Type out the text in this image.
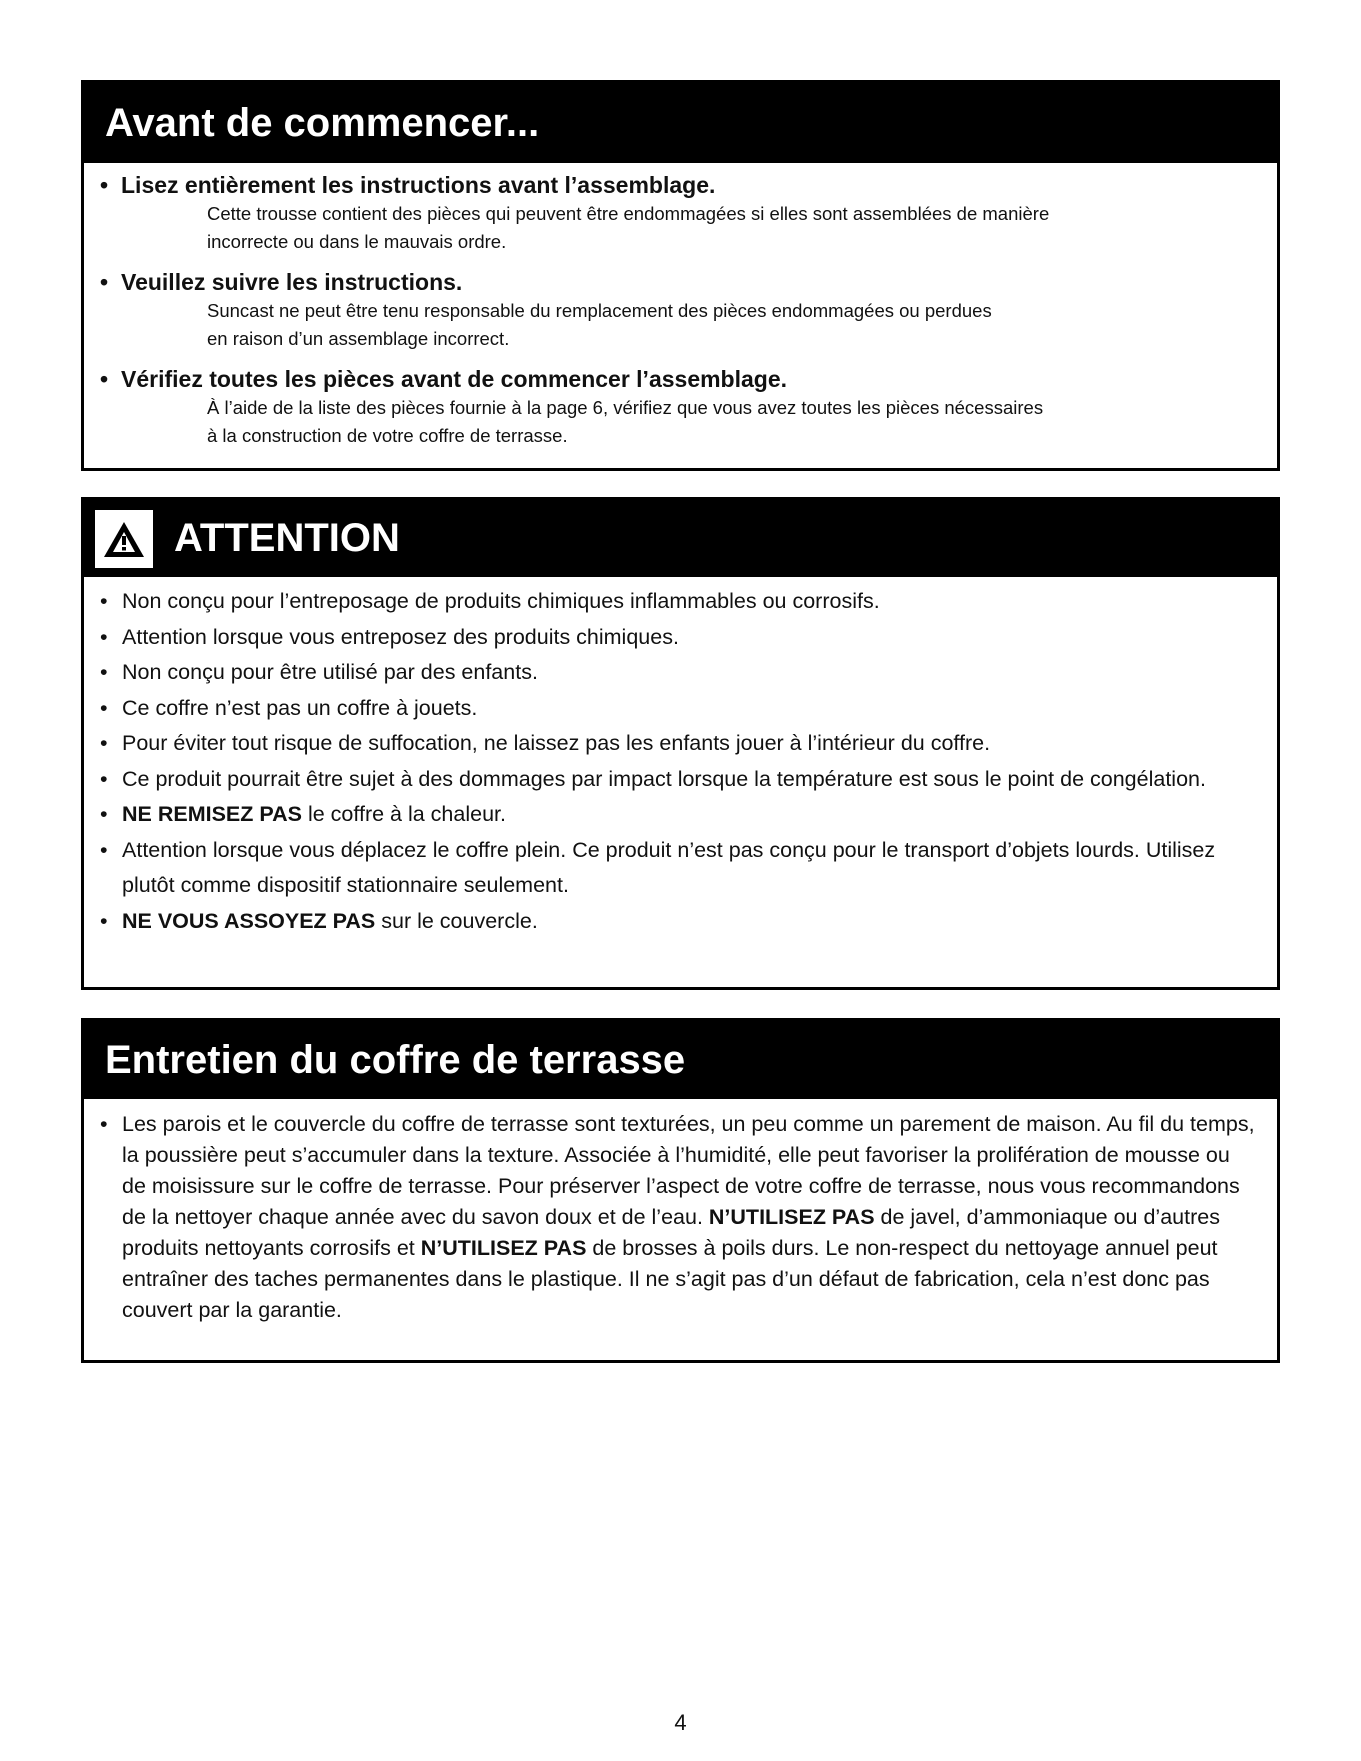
Avant de commencer...
• Lisez entièrement les instructions avant l’assemblage.
Cette trousse contient des pièces qui peuvent être endommagées si elles sont assemblées de manière
incorrecte ou dans le mauvais ordre.
• Veuillez suivre les instructions.
Suncast ne peut être tenu responsable du remplacement des pièces endommagées ou perdues
en raison d’un assemblage incorrect.
• Vérifiez toutes les pièces avant de commencer l’assemblage.
À l’aide de la liste des pièces fournie à la page 6, vérifiez que vous avez toutes les pièces nécessaires
à la construction de votre coffre de terrasse.
ATTENTION
• Non conçu pour l’entreposage de produits chimiques inflammables ou corrosifs.
• Attention lorsque vous entreposez des produits chimiques.
• Non conçu pour être utilisé par des enfants.
• Ce coffre n’est pas un coffre à jouets.
• Pour éviter tout risque de suffocation, ne laissez pas les enfants jouer à l’intérieur du coffre.
• Ce produit pourrait être sujet à des dommages par impact lorsque la température est sous le point de congélation.
• NE REMISEZ PAS le coffre à la chaleur.
• Attention lorsque vous déplacez le coffre plein. Ce produit n’est pas conçu pour le transport d’objets lourds. Utilisez plutôt comme dispositif stationnaire seulement.
• NE VOUS ASSOYEZ PAS sur le couvercle.
Entretien du coffre de terrasse
• Les parois et le couvercle du coffre de terrasse sont texturées, un peu comme un parement de maison. Au fil du temps, la poussière peut s’accumuler dans la texture. Associée à l’humidité, elle peut favoriser la prolifération de mousse ou de moisissure sur le coffre de terrasse. Pour préserver l’aspect de votre coffre de terrasse, nous vous recommandons de la nettoyer chaque année avec du savon doux et de l’eau. N’UTILISEZ PAS de javel, d’ammoniaque ou d’autres produits nettoyants corrosifs et N’UTILISEZ PAS de brosses à poils durs. Le non-respect du nettoyage annuel peut entraîner des taches permanentes dans le plastique. Il ne s’agit pas d’un défaut de fabrication, cela n’est donc pas couvert par la garantie.
4
